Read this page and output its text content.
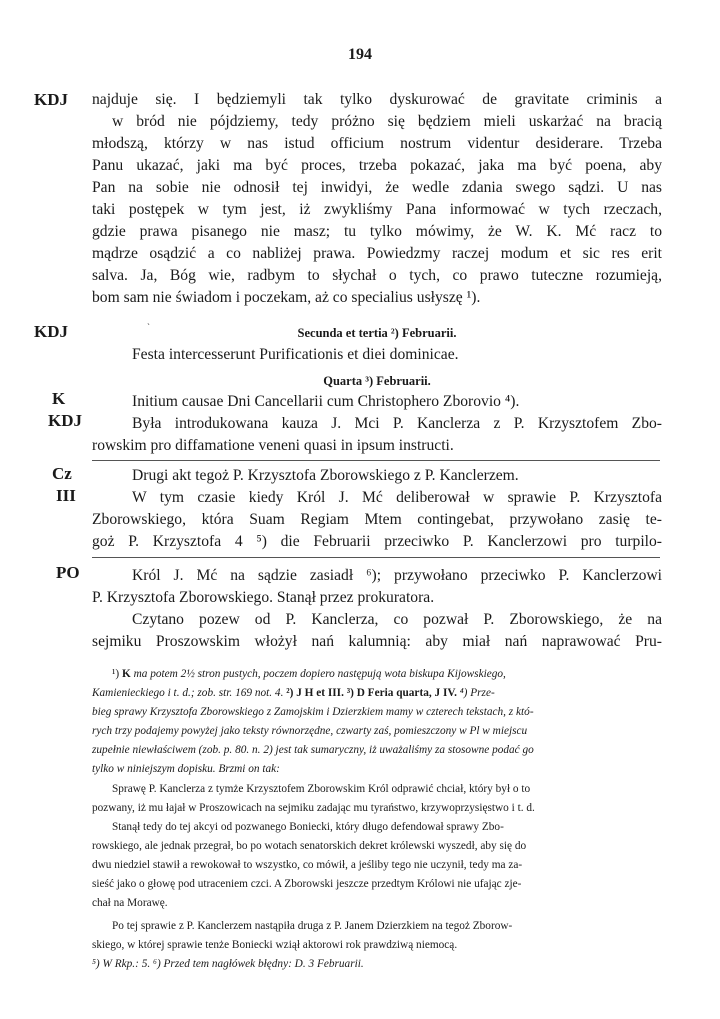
194
KDJ	najduje się. I będziemyli tak tylko dyskurować de gravitate criminis a
w bród nie pójdziemy, tedy próżno się będziem mieli uskarżać na bracią
młodszą, którzy w nas istud officium nostrum videntur desiderare. Trzeba
Panu ukazać, jaki ma być proces, trzeba pokazać, jaka ma być poena, aby
Pan na sobie nie odnosił tej inwidyi, że wedle zdania swego sądzi. U nas
taki postępek w tym jest, iż zwykliśmy Pana informować w tych rzeczach,
gdzie prawa pisanego nie masz; tu tylko mówimy, że W. K. Mć racz to
mądrze osądzić a co nabliżej prawa. Powiedzmy raczej modum et sic res erit
salva. Ja, Bóg wie, radbym to słychał o tych, co prawo tuteczne rozumieją,
bom sam nie świadom i poczekam, aż co specialius usłyszę ¹).
KDJ	`	Secunda et tertia ²) Februarii.
Festa intercesserunt Purificationis et diei dominicae.
Quarta ³) Februarii.
K	Initium causae Dni Cancellarii cum Christophero Zborovio ⁴).
KDJ	Była introdukowana kauza J. Mci P. Kanclerza z P. Krzysztofem Zbo-
rowskim pro diffamatione veneni quasi in ipsum instructi.
Cz	Drugi akt tegoż P. Krzysztofa Zborowskiego z P. Kanclerzem.
III	W tym czasie kiedy Król J. Mć deliberował w sprawie P. Krzysztofa
Zborowskiego, która Suam Regiam Mtem contingebat, przywołano zasię te-
goż P. Krzysztofa 4 ⁵) die Februarii przeciwko P. Kanclerzowi pro turpilo-
PO	Król J. Mć na sądzie zasiadł ⁶); przywołano przeciwko P. Kanclerzowi
P. Krzysztofa Zborowskiego. Stanął przez prokuratora.
Czytano pozew od P. Kanclerza, co pozwał P. Zborowskiego, że na
sejmiku Proszowskim włożył nań kalumnią: aby miał nań naprawować Pru-
¹) K ma potem 2½ stron pustych, poczem dopiero następują wota biskupa Kijowskiego,
Kamienieckiego i t. d.; zob. str. 169 not. 4. ²) J H et III. ³) D Feria quarta, J IV. ⁴) Prze-
bieg sprawy Krzysztofa Zborowskiego z Zamojskim i Dzierzkiem mamy w czterech tekstach, z któ-
rych trzy podajemy powyżej jako teksty równorzędne, czwarty zaś, pomieszczony w Pl w miejscu
zupełnie niewłaściwem (zob. p. 80. n. 2) jest tak sumaryczny, iż uważaliśmy za stosowne podać go
tylko w niniejszym dopisku. Brzmi on tak:
Sprawę P. Kanclerza z tymże Krzysztofem Zborowskim Król odprawić chciał, który był o to
pozwany, iż mu łajał w Proszowicach na sejmiku zadając mu tyraństwo, krzywoprzysięstwo i t. d.
Stanął tedy do tej akcyi od pozwanego Boniecki, który długo defendował sprawy Zbo-
rowskiego, ale jednak przegrał, bo po wotach senatorskich dekret królewski wyszedł, aby się do
dwu niedziel stawił a rewokował to wszystko, co mówił, a jeśliby tego nie uczynił, tedy ma za-
sieść jako o głowę pod utraceniem czci. A Zborowski jeszcze przedtym Królowi nie ufając zje-
chał na Morawę.
Po tej sprawie z P. Kanclerzem nastąpiła druga z P. Janem Dzierzkiem na tegoż Zborow-
skiego, w której sprawie tenże Boniecki wziął aktorowi rok prawdziwą niemocą.
⁵) W Rkp.: 5. ⁶) Przed tem nagłówek błędny: D. 3 Februarii.
